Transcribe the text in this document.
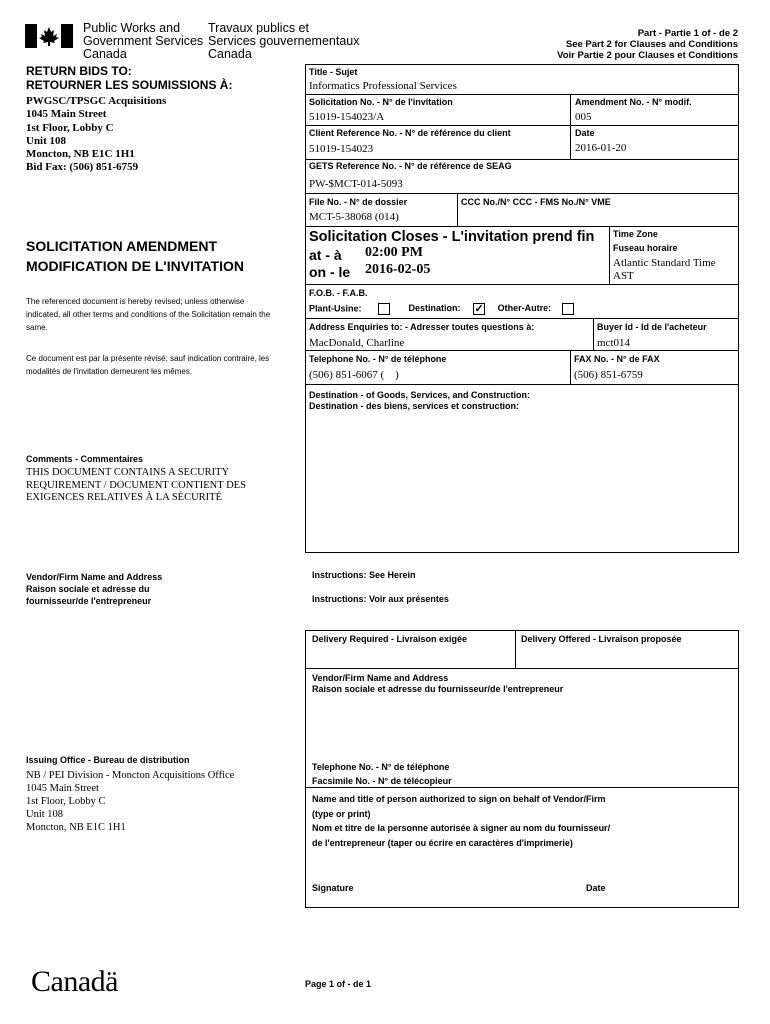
Public Works and
Government Services
Canada
Travaux publics et
Services gouvernementaux
Canada
Part - Partie 1 of - de 2
See Part 2 for Clauses and Conditions
Voir Partie 2 pour Clauses et Conditions
RETURN BIDS TO:
RETOURNER LES SOUMISSIONS À:
PWGSC/TPSGC Acquisitions
1045 Main Street
1st Floor, Lobby C
Unit 108
Moncton, NB E1C 1H1
Bid Fax: (506) 851-6759
SOLICITATION AMENDMENT
MODIFICATION DE L'INVITATION
The referenced document is hereby revised; unless otherwise indicated, all other terms and conditions of the Solicitation remain the same.
Ce document est par la présente révisé; sauf indication contraire, les modalités de l'invitation demeurent les mêmes.
Comments - Commentaires
THIS DOCUMENT CONTAINS A SECURITY
REQUIREMENT / DOCUMENT CONTIENT DES
EXIGENCES RELATIVES À LA SÉCURITÉ
Vendor/Firm Name and Address
Raison sociale et adresse du
fournisseur/de l'entrepreneur
Issuing Office - Bureau de distribution
NB / PEI Division - Moncton Acquisitions Office
1045 Main Street
1st Floor, Lobby C
Unit 108
Moncton, NB E1C 1H1
Title - Sujet
Informatics Professional Services
Solicitation No. - N° de l'invitation
51019-154023/A
Amendment No. - N° modif.
005
Client Reference No. - N° de référence du client
51019-154023
Date
2016-01-20
GETS Reference No. - N° de référence de SEAG
PW-$MCT-014-5093
File No. - N° de dossier
MCT-5-38068 (014)
CCC No./N° CCC - FMS No./N° VME
Solicitation Closes - L'invitation prend fin
at - à 02:00 PM
on - le 2016-02-05
Time Zone
Fuseau horaire
Atlantic Standard Time
AST
F.O.B. - F.A.B.
Plant-Usine:	Destination: ✓ Other-Autre:
Address Enquiries to: - Adresser toutes questions à:
MacDonald, Charline
Buyer Id - Id de l'acheteur
mct014
Telephone No. - N° de téléphone
(506) 851-6067 (    )
FAX No. - N° de FAX
(506) 851-6759
Destination - of Goods, Services, and Construction:
Destination - des biens, services et construction:
Instructions: See Herein
Instructions: Voir aux présentes
Delivery Required - Livraison exigée	Delivery Offered - Livraison proposée
Vendor/Firm Name and Address
Raison sociale et adresse du fournisseur/de l'entrepreneur
Telephone No. - N° de téléphone
Facsimile No. - N° de télécopieur
Name and title of person authorized to sign on behalf of Vendor/Firm
(type or print)
Nom et titre de la personne autorisée à signer au nom du fournisseur/
de l'entrepreneur (taper ou écrire en caractères d'imprimerie)
Signature	Date
Canadä	Page 1 of - de 1
